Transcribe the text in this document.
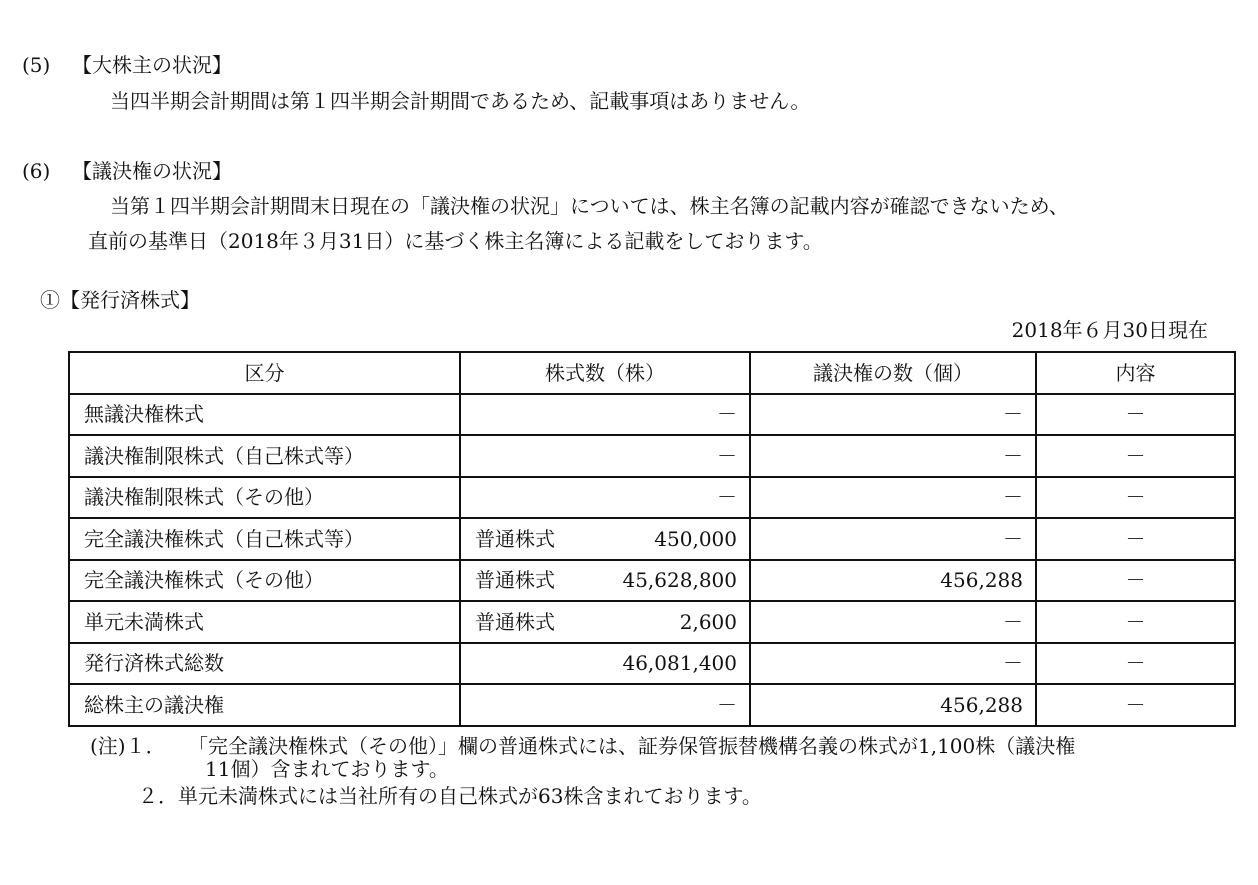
(5) 【大株主の状況】
当四半期会計期間は第１四半期会計期間であるため、記載事項はありません。
(6) 【議決権の状況】
当第１四半期会計期間末日現在の「議決権の状況」については、株主名簿の記載内容が確認できないため、
直前の基準日（2018年３月31日）に基づく株主名簿による記載をしております。
①【発行済株式】
2018年６月30日現在
区分	株式数（株）	議決権の数（個）	内容
無議決権株式	－	－	－
議決権制限株式（自己株式等）	－	－	－
議決権制限株式（その他）	－	－	－
完全議決権株式（自己株式等）	普通株式 450,000	－	－
完全議決権株式（その他）	普通株式 45,628,800	456,288	－
単元未満株式	普通株式 2,600	－	－
発行済株式総数	46,081,400	－	－
総株主の議決権	－	456,288	－
(注)１． 「完全議決権株式（その他）」欄の普通株式には、証券保管振替機構名義の株式が1,100株（議決権
11個）含まれております。
２．単元未満株式には当社所有の自己株式が63株含まれております。
